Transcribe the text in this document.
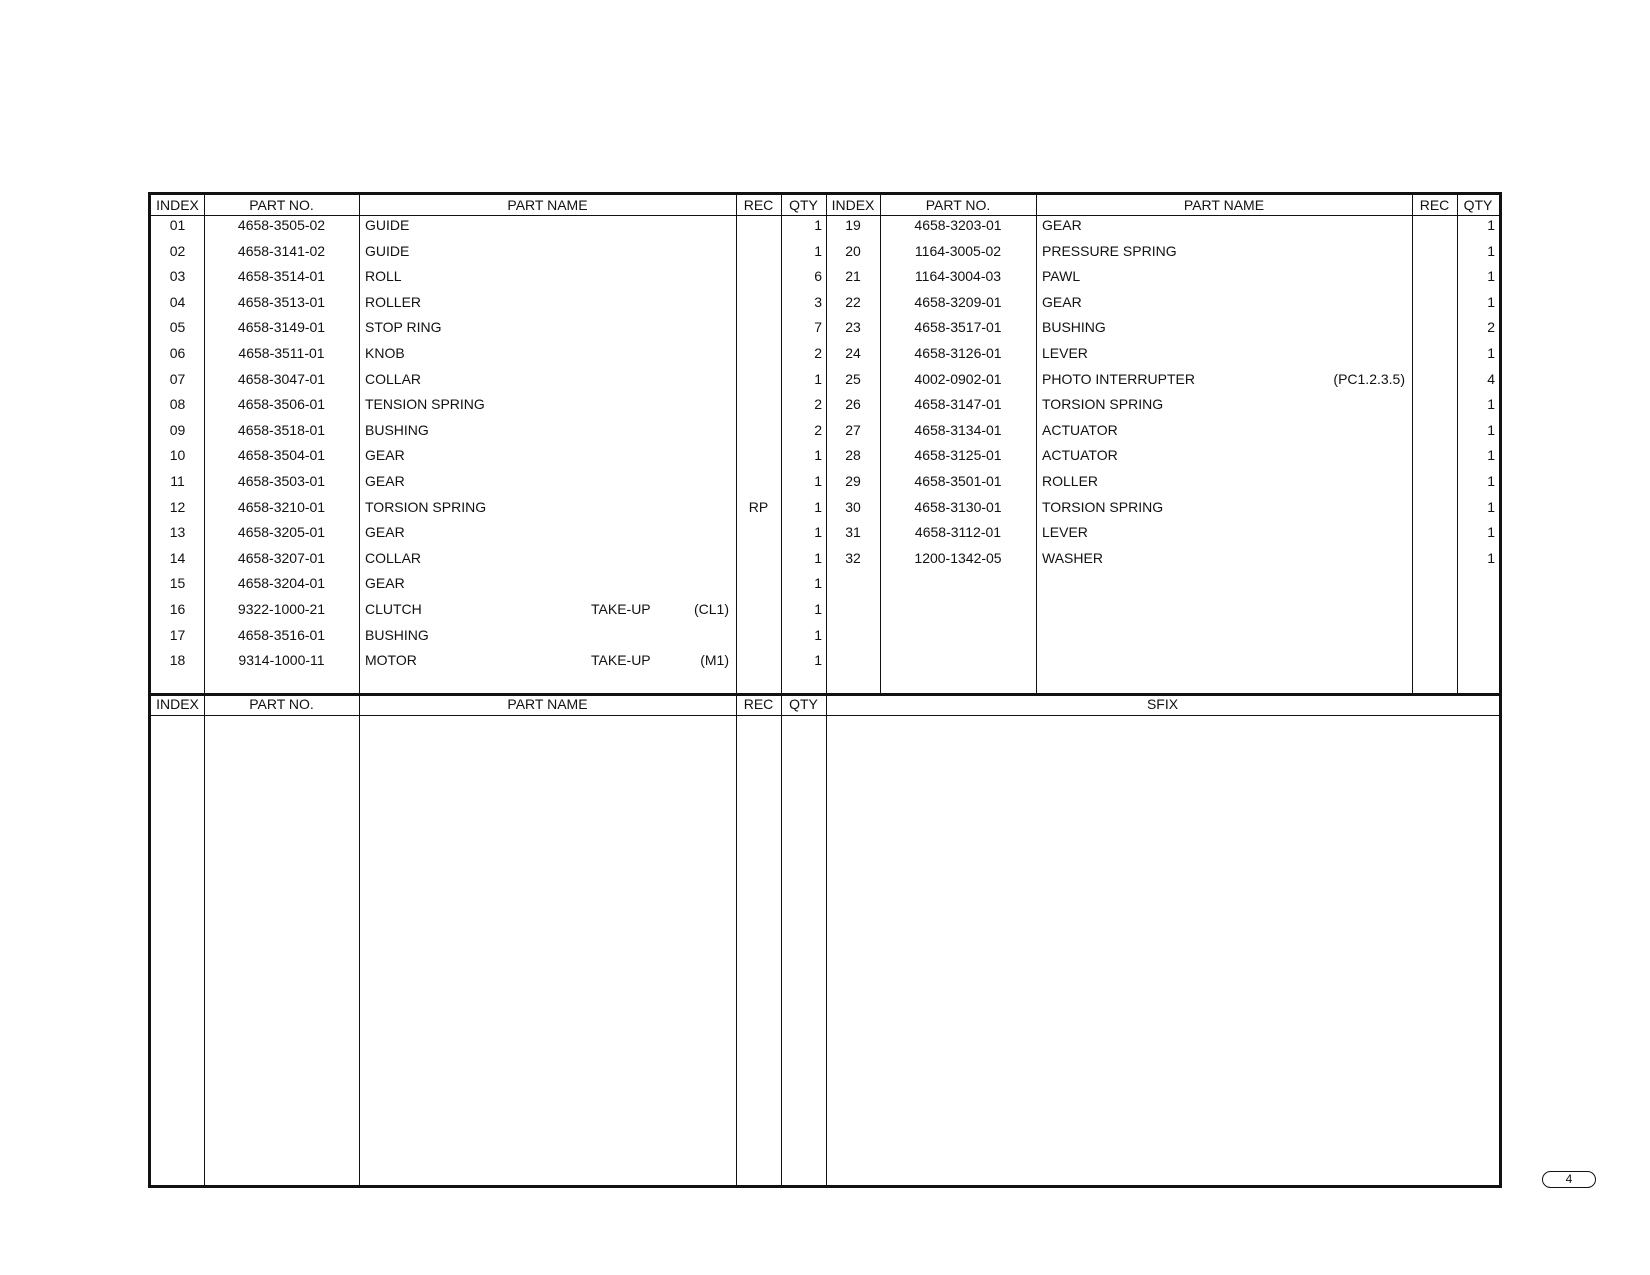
INDEX	PART NO.	PART NAME	REC	QTY INDEX	PART NO.	PART NAME	REC	QTY
INDEX	PART NO.	PART NAME	REC	QTY	SFIX
01	4658-3505-02	GUIDE	1
02	4658-3141-02	GUIDE	1
03	4658-3514-01	ROLL	6
04	4658-3513-01	ROLLER	3
05	4658-3149-01	STOP RING	7
06	4658-3511-01	KNOB	2
07	4658-3047-01	COLLAR	1
08	4658-3506-01	TENSION SPRING	2
09	4658-3518-01	BUSHING	2
10	4658-3504-01	GEAR	1
11	4658-3503-01	GEAR	1
12	4658-3210-01	TORSION SPRING	RP	1
13	4658-3205-01	GEAR	1
14	4658-3207-01	COLLAR	1
15	4658-3204-01	GEAR	1
16	9322-1000-21	CLUTCH	TAKE-UP	(CL1)	1
17	4658-3516-01	BUSHING	1
18	9314-1000-11	MOTOR	TAKE-UP	(M1)	1
19	4658-3203-01	GEAR	1
20	1164-3005-02	PRESSURE SPRING	1
21	1164-3004-03	PAWL	1
22	4658-3209-01	GEAR	1
23	4658-3517-01	BUSHING	2
24	4658-3126-01	LEVER	1
25	4002-0902-01	PHOTO INTERRUPTER	(PC1.2.3.5)	4
26	4658-3147-01	TORSION SPRING	1
27	4658-3134-01	ACTUATOR	1
28	4658-3125-01	ACTUATOR	1
29	4658-3501-01	ROLLER	1
30	4658-3130-01	TORSION SPRING	1
31	4658-3112-01	LEVER	1
32	1200-1342-05	WASHER	1
4
